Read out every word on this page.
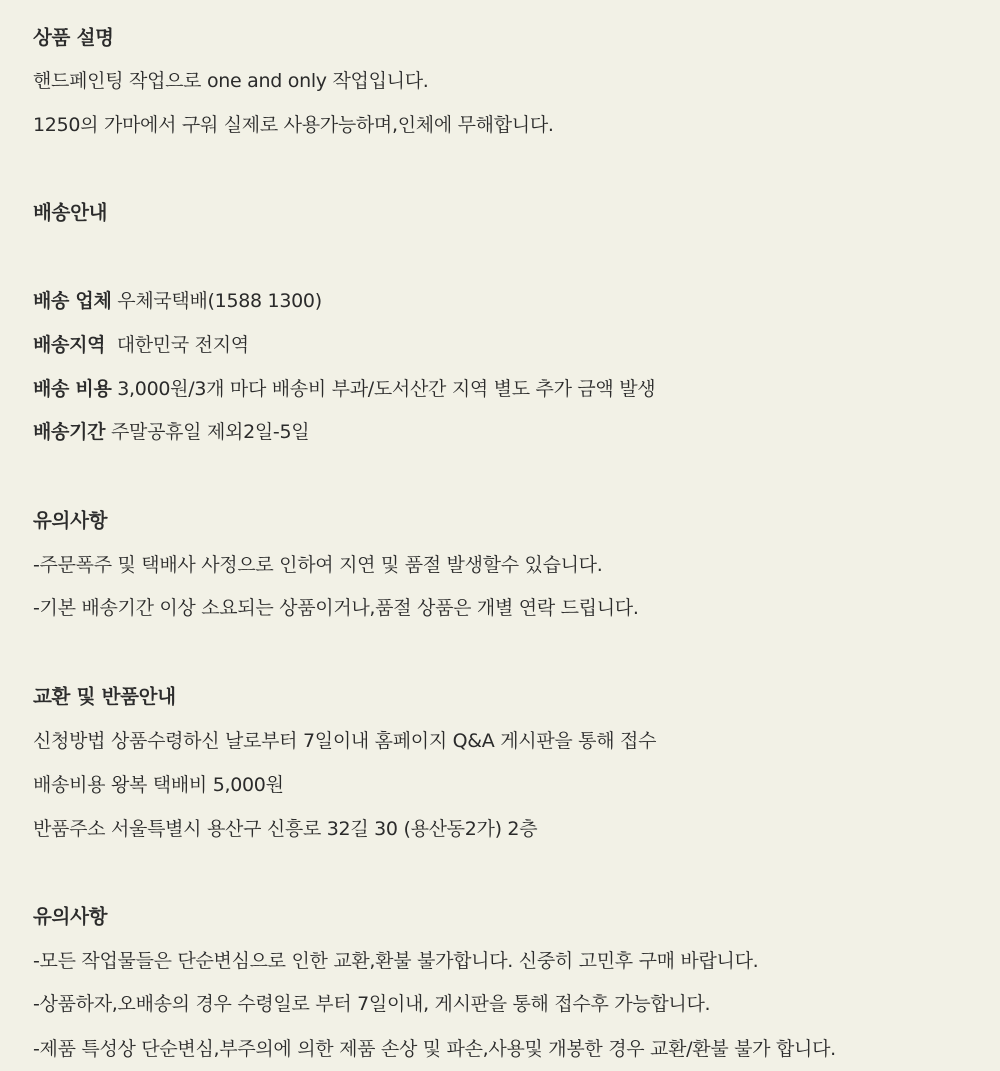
상품 설명
핸드페인팅 작업으로 one and only 작업입니다.
1250의 가마에서 구워 실제로 사용가능하며,인체에 무해합니다.
배송안내
배송 업체 우체국택배(1588 1300)
배송지역  대한민국 전지역
배송 비용 3,000원/3개 마다 배송비 부과/도서산간 지역 별도 추가 금액 발생
배송기간 주말공휴일 제외2일-5일
유의사항
-주문폭주 및 택배사 사정으로 인하여 지연 및 품절 발생할수 있습니다.
-기본 배송기간 이상 소요되는 상품이거나,품절 상품은 개별 연락 드립니다.
교환 및 반품안내
신청방법 상품수령하신 날로부터 7일이내 홈페이지 Q&A 게시판을 통해 접수
배송비용 왕복 택배비 5,000원
반품주소 서울특별시 용산구 신흥로 32길 30 (용산동2가) 2층
유의사항
-모든 작업물들은 단순변심으로 인한 교환,환불 불가합니다. 신중히 고민후 구매 바랍니다.
-상품하자,오배송의 경우 수령일로 부터 7일이내, 게시판을 통해 접수후 가능합니다.
-제품 특성상 단순변심,부주의에 의한 제품 손상 및 파손,사용및 개봉한 경우 교환/환불 불가 합니다.
